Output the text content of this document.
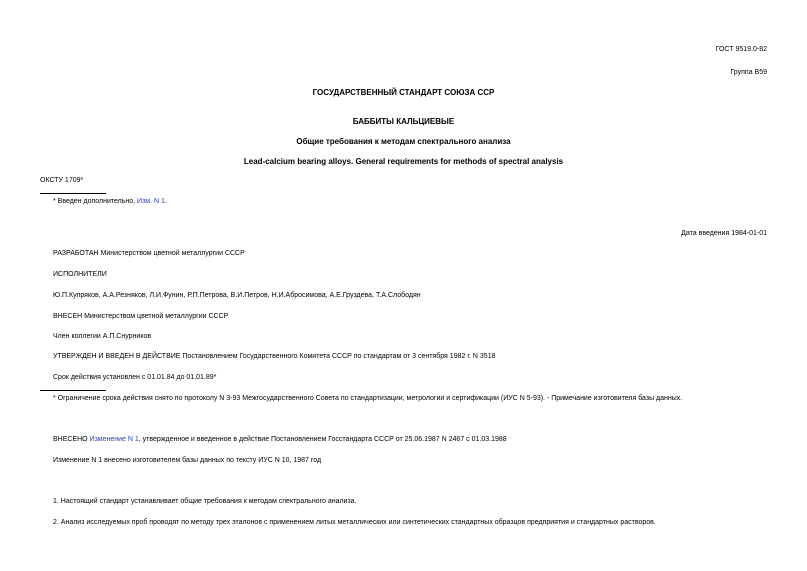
ГОСТ 9519.0-82
Группа В59
ГОСУДАРСТВЕННЫЙ СТАНДАРТ СОЮЗА ССР
БАББИТЫ КАЛЬЦИЕВЫЕ
Общие требования к методам спектрального анализа
Lead-calcium bearing alloys. General requirements for methods of spectral analysis
ОКСТУ 1709*
* Введен дополнительно, Изм. N 1.
Дата введения 1984-01-01
РАЗРАБОТАН Министерством цветной металлургии СССР
ИСПОЛНИТЕЛИ
Ю.П.Купряков, А.А.Резняков, Л.И.Фунин, Р.П.Петрова, В.И.Петров, Н.И.Абросимова, А.Е.Груздева, Т.А.Слободян
ВНЕСЕН Министерством цветной металлургии СССР
Член коллегии А.П.Снурников
УТВЕРЖДЕН И ВВЕДЕН В ДЕЙСТВИЕ Постановлением Государственного Комитета СССР по стандартам от 3 сентября 1982 г. N 3518
Срок действия установлен с 01.01.84 до 01.01.89*
* Ограничение срока действия снято по протоколу N 3-93 Межгосударственного Совета по стандартизации, метрологии и сертификации (ИУС N 5-93). - Примечание изготовителя базы данных.
ВНЕСЕНО Изменение N 1, утвержденное и введенное в действие Постановлением Госстандарта СССР от 25.06.1987 N 2467 с 01.03.1988
Изменение N 1 внесено изготовителем базы данных по тексту ИУС N 10, 1987 год
1. Настоящий стандарт устанавливает общие требования к методам спектрального анализа.
2. Анализ исследуемых проб проводят по методу трех эталонов с применением литых металлических или синтетических стандартных образцов предприятия и стандартных растворов.
